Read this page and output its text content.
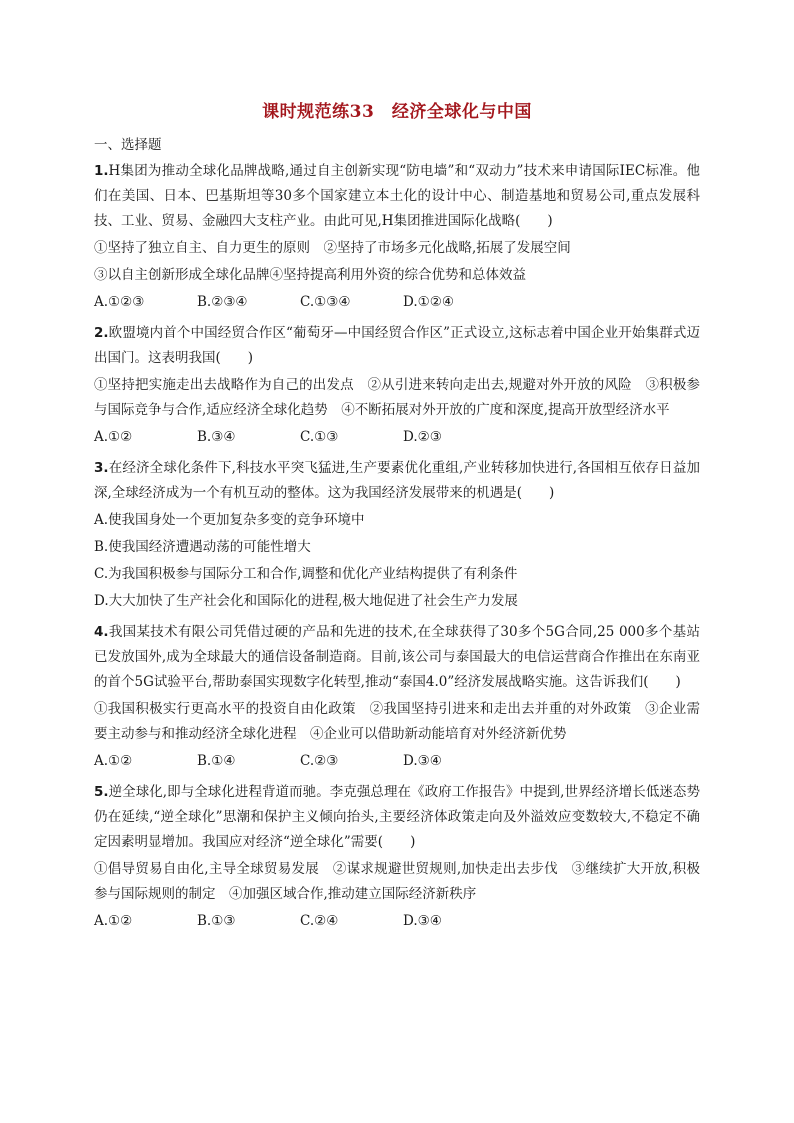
课时规范练33　经济全球化与中国
一、选择题
1.H集团为推动全球化品牌战略,通过自主创新实现“防电墙”和“双动力”技术来申请国际IEC标准。他们在美国、日本、巴基斯坦等30多个国家建立本土化的设计中心、制造基地和贸易公司,重点发展科技、工业、贸易、金融四大支柱产业。由此可见,H集团推进国际化战略(　　)
①坚持了独立自主、自力更生的原则　②坚持了市场多元化战略,拓展了发展空间
③以自主创新形成全球化品牌④坚持提高利用外资的综合优势和总体效益
A.①②③	B.②③④	C.①③④	D.①②④
2.欧盟境内首个中国经贸合作区“葡萄牙—中国经贸合作区”正式设立,这标志着中国企业开始集群式迈出国门。这表明我国(　　)
①坚持把实施走出去战略作为自己的出发点　②从引进来转向走出去,规避对外开放的风险　③积极参与国际竞争与合作,适应经济全球化趋势　④不断拓展对外开放的广度和深度,提高开放型经济水平
A.①②	B.③④	C.①③	D.②③
3.在经济全球化条件下,科技水平突飞猛进,生产要素优化重组,产业转移加快进行,各国相互依存日益加深,全球经济成为一个有机互动的整体。这为我国经济发展带来的机遇是(　　)
A.使我国身处一个更加复杂多变的竞争环境中
B.使我国经济遭遇动荡的可能性增大
C.为我国积极参与国际分工和合作,调整和优化产业结构提供了有利条件
D.大大加快了生产社会化和国际化的进程,极大地促进了社会生产力发展
4.我国某技术有限公司凭借过硬的产品和先进的技术,在全球获得了30多个5G合同,25 000多个基站已发放国外,成为全球最大的通信设备制造商。目前,该公司与泰国最大的电信运营商合作推出在东南亚的首个5G试验平台,帮助泰国实现数字化转型,推动“泰国4.0”经济发展战略实施。这告诉我们(　　)
①我国积极实行更高水平的投资自由化政策　②我国坚持引进来和走出去并重的对外政策　③企业需要主动参与和推动经济全球化进程　④企业可以借助新动能培育对外经济新优势
A.①②	B.①④	C.②③	D.③④
5.逆全球化,即与全球化进程背道而驰。李克强总理在《政府工作报告》中提到,世界经济增长低迷态势仍在延续,“逆全球化”思潮和保护主义倾向抬头,主要经济体政策走向及外溢效应变数较大,不稳定不确定因素明显增加。我国应对经济“逆全球化”需要(　　)
①倡导贸易自由化,主导全球贸易发展　②谋求规避世贸规则,加快走出去步伐　③继续扩大开放,积极参与国际规则的制定　④加强区域合作,推动建立国际经济新秩序
A.①②	B.①③	C.②④	D.③④
